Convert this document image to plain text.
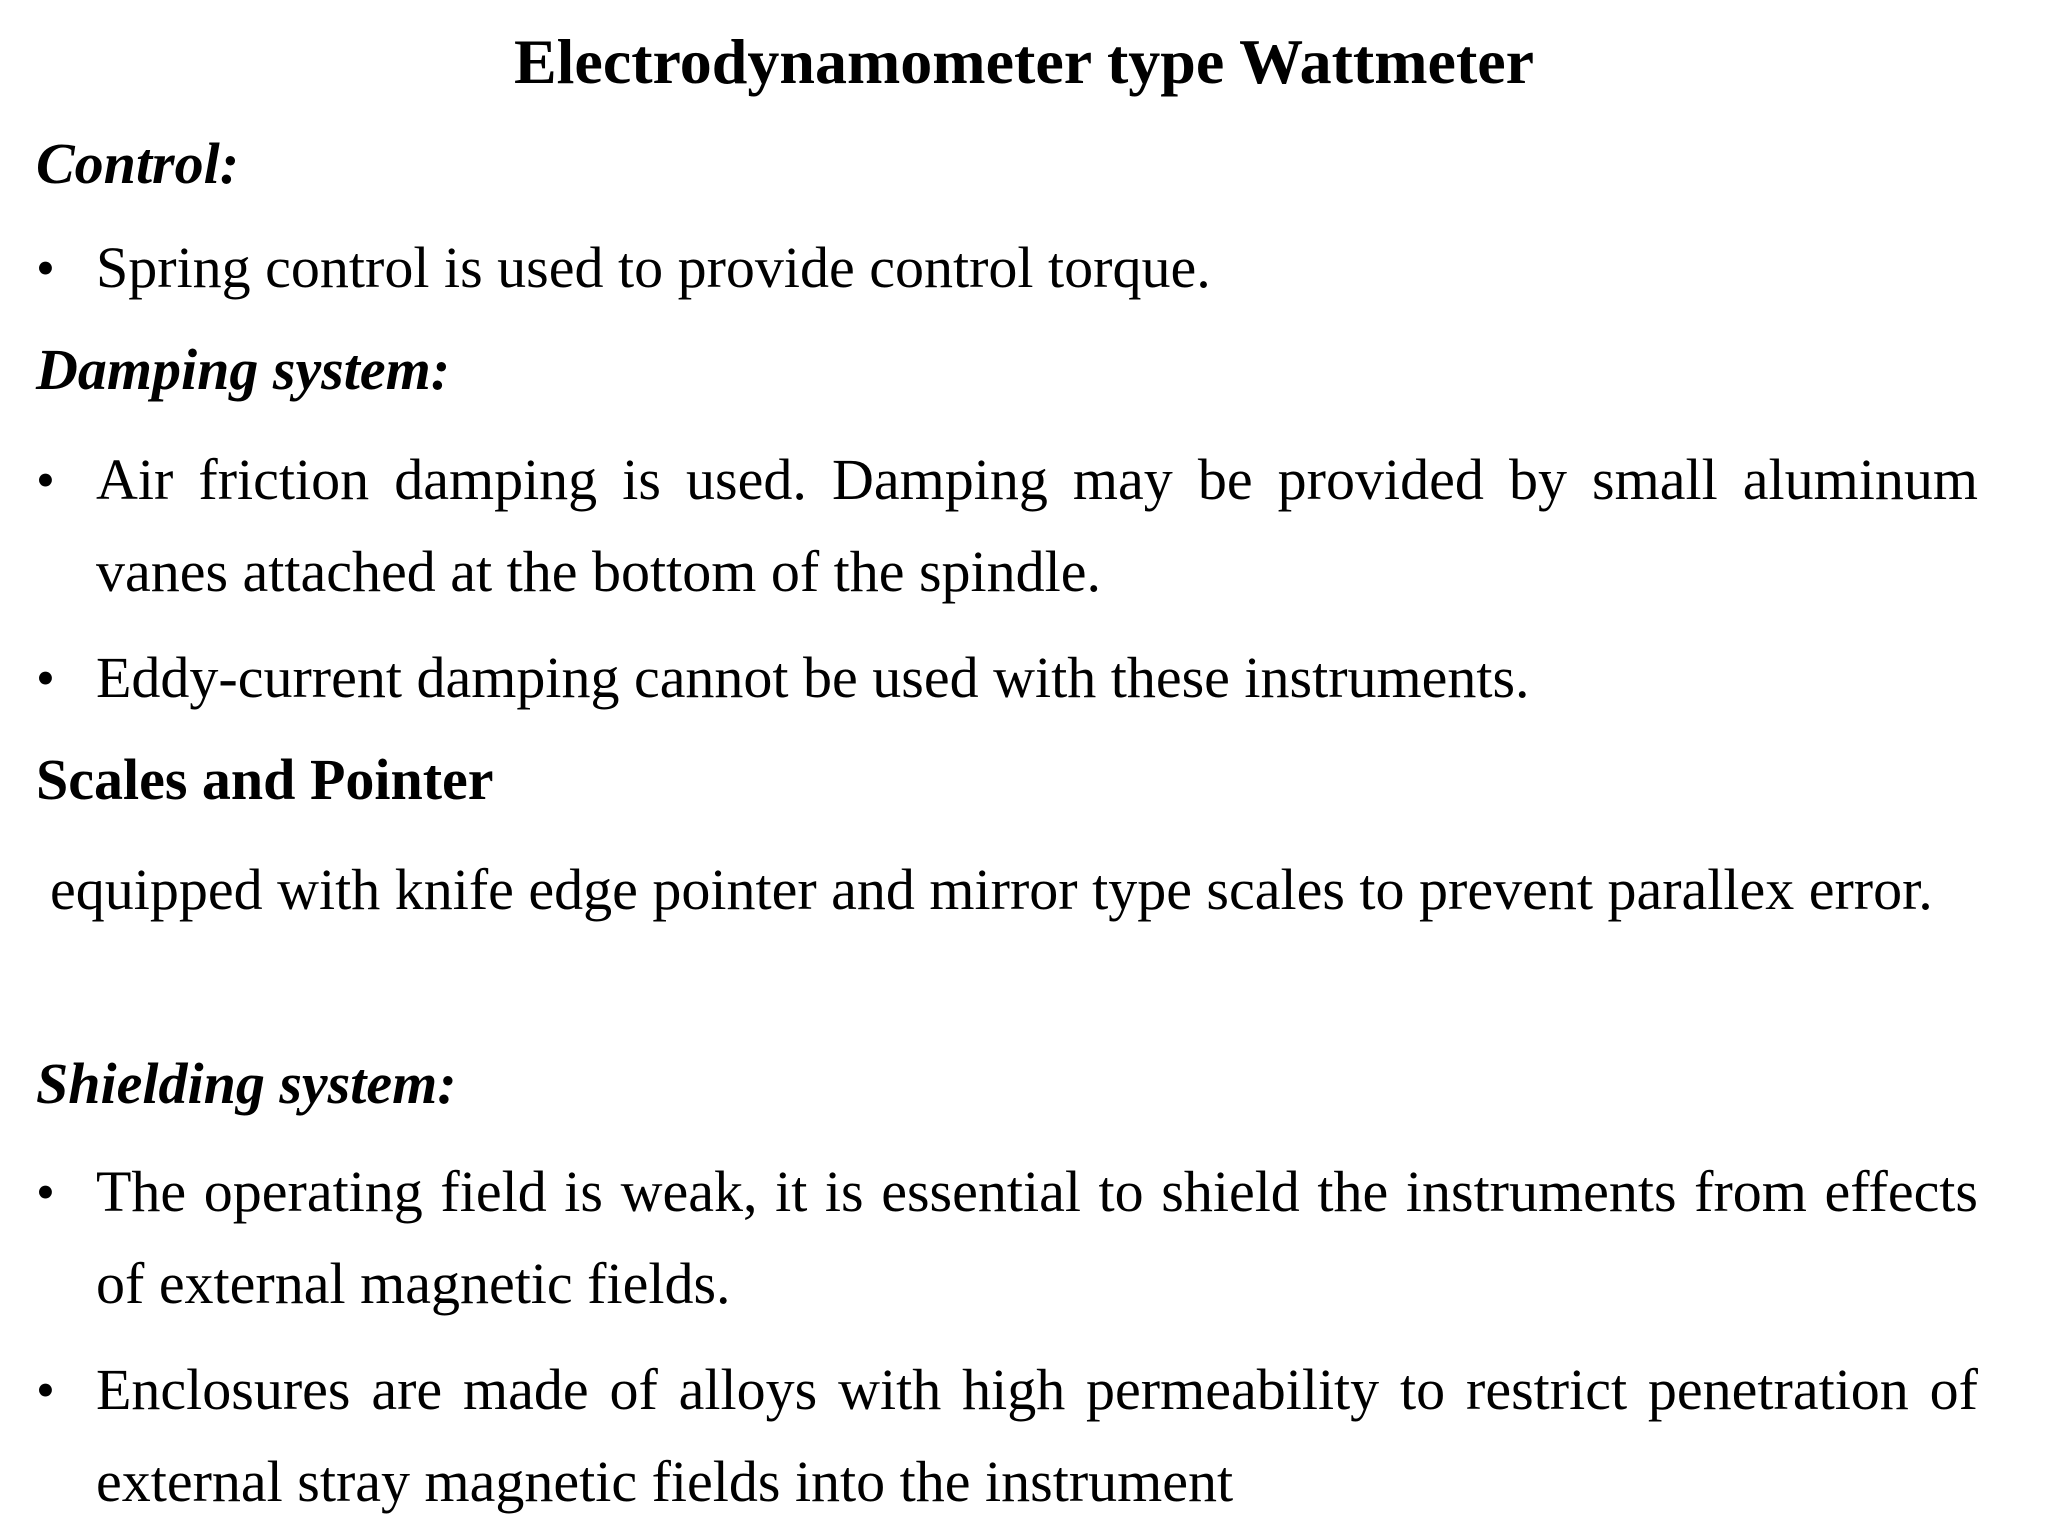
Electrodynamometer type Wattmeter
Control:
• Spring control is used to provide control torque.
Damping system:
• Air friction damping is used. Damping may be provided by small aluminum vanes attached at the bottom of the spindle.
• Eddy-current damping cannot be used with these instruments.
Scales and Pointer
equipped with knife edge pointer and mirror type scales to prevent parallex error.
Shielding system:
• The operating field is weak, it is essential to shield the instruments from effects of external magnetic fields.
• Enclosures are made of alloys with high permeability to restrict penetration of external stray magnetic fields into the instrument
